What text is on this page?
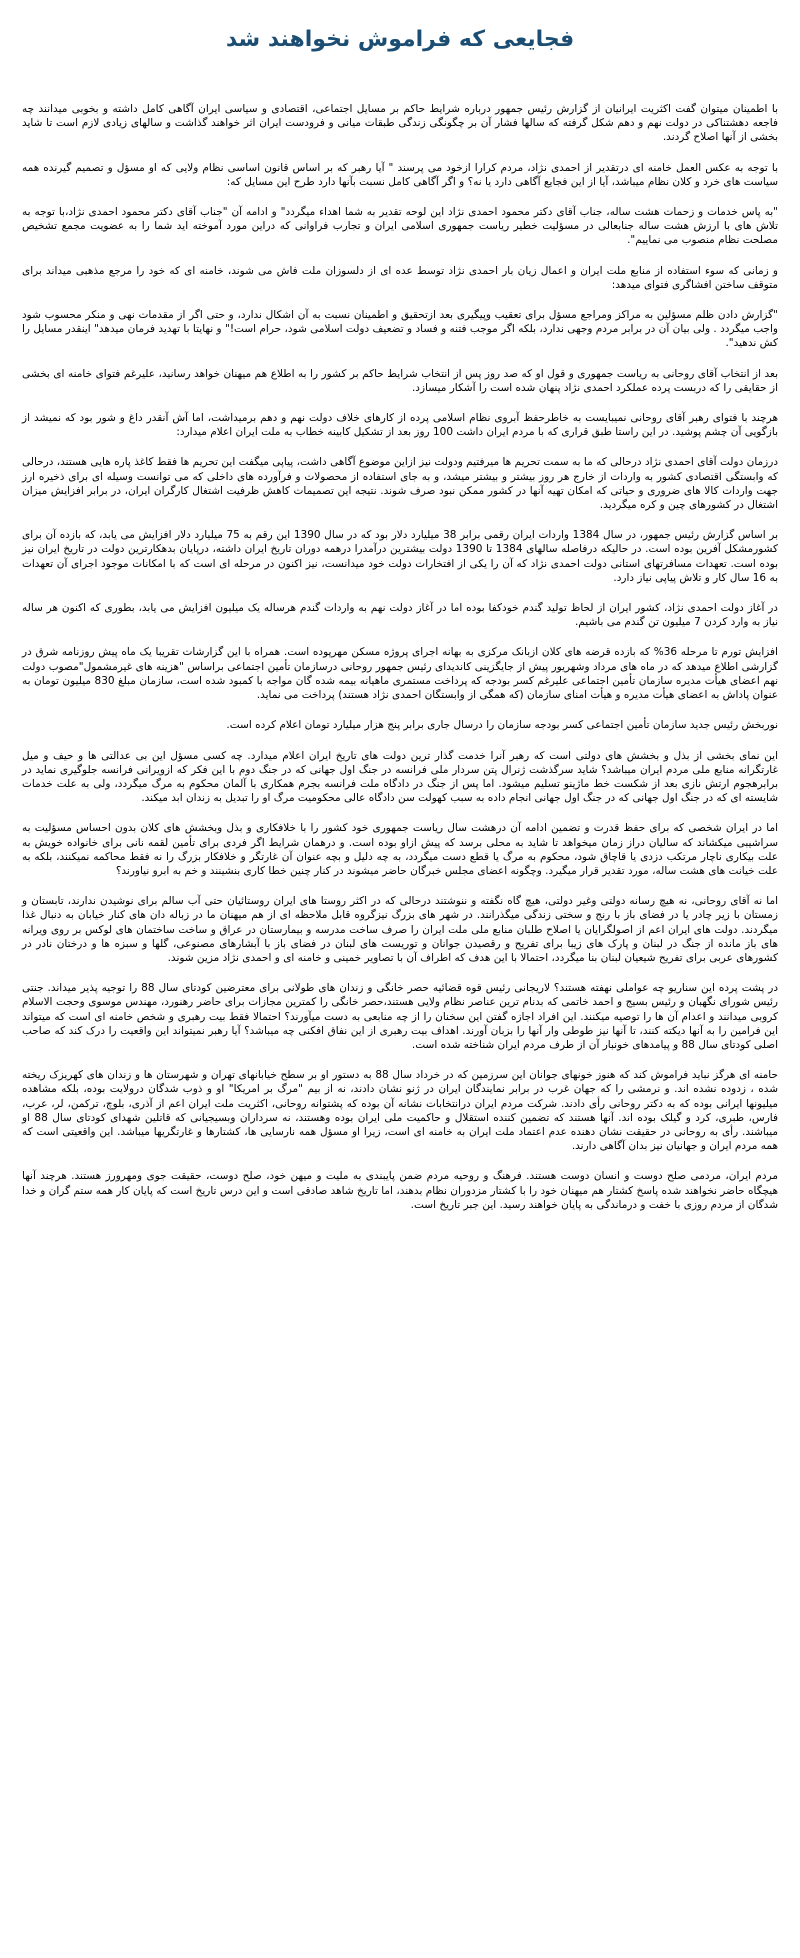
فجایعی که فراموش نخواهند شد

با اطمینان میتوان گفت اکثریت ایرانیان از گزارش رئیس جمهور درباره شرایط حاکم بر مسایل اجتماعی، اقتصادی و سیاسی ایران آگاهی کامل داشته و بخوبی میدانند چه فاجعه دهشتناکی در دولت نهم و دهم شکل گرفته که سالها فشار آن بر چگونگی زندگی طبقات میانی و فرودست ایران اثر خواهند گذاشت و سالهای زیادی لازم است تا شاید بخشی از آنها اصلاح گردند.

با توجه به عکس العمل خامنه ای درتقدیر از احمدی نژاد، مردم کرارا ازخود می پرسند " آیا رهبر که بر اساس قانون اساسی نظام ولایی که او مسؤل و تصمیم گیرنده همه سیاست های خرد و کلان نظام میباشد، آیا از این فجایع آگاهی دارد یا نه؟ و اگر آگاهی کامل نسبت بآنها دارد طرح این مسایل که:

"به پاس خدمات و زحمات هشت ساله، جناب آقای دکتر محمود احمدی نژاد این لوحه تقدیر به شما اهداء میگردد" و ادامه آن "جناب آقای دکتر محمود احمدی نژاد،با توجه به تلاش های با ارزش هشت ساله جنابعالی در مسؤلیت خطیر ریاست جمهوری اسلامی ایران و تجارب فراوانی که دراین مورد آموخته اید شما را به عضویت مجمع تشخیص مصلحت نظام منصوب می نماییم".

و زمانی که سوء استفاده از منابع ملت ایران و اعمال زیان بار احمدی نژاد توسط عده ای از دلسوزان ملت فاش می شوند، خامنه ای که خود را مرجع مذهبی میداند برای متوقف ساختن افشاگری فتوای میدهد:

"گزارش دادن ظلم مسؤلین به مراکز ومراجع مسؤل برای تعقیب وپیگیری بعد ازتحقیق و اطمینان نسبت به آن اشکال ندارد، و حتی اگر از مقدمات نهی و منکر محسوب شود واجب میگردد . ولی بیان آن در برابر مردم وجهی ندارد، بلکه اگر موجب فتنه و فساد و تضعیف دولت اسلامی شود، حرام است!" و نهایتا با تهدید فرمان میدهد" اینقدر مسایل را کش ندهید".

بعد از انتخاب آقای روحانی به ریاست جمهوری و قول او که صد روز پس از انتخاب شرایط حاکم بر کشور را به اطلاع هم میهنان خواهد رسانید، علیرغم فتوای خامنه ای بخشی از حقایقی را که دربست پرده عملکرد احمدی نژاد پنهان شده است را آشکار میسازد.

هرچند با فتوای رهبر آقای روحانی نمیبایست به خاطرحفظ آبروی نظام اسلامی پرده از کارهای خلاف دولت نهم و دهم برمیداشت، اما آش آنقدر داغ و شور بود که نمیشد از بازگویی آن چشم پوشید. در این راستا طبق قراری که با مردم ایران داشت 100 روز بعد از تشکیل کابینه خطاب به ملت ایران اعلام میدارد:

درزمان دولت آقای احمدی نژاد درحالی که ما به سمت تحریم ها میرفتیم ودولت نیز ازاین موضوع آگاهی داشت، پیاپی میگفت این تحریم ها فقط کاغذ پاره هایی هستند، درحالی که وابستگی اقتصادی کشور به واردات از خارج هر روز بیشتر و بیشتر میشد، و به جای استفاده از محصولات و فرآورده های داخلی که می توانست وسیله ای برای ذخیره ارز جهت واردات کالا های ضروری و حیاتی که امکان تهیه آنها در کشور ممکن نبود صرف شوند. نتیجه این تصمیمات کاهش ظرفیت اشتغال کارگران ایران، در برابر افزایش میزان اشتغال در کشورهای چین و کره میگردید.

بر اساس گزارش رئیس جمهور، در سال 1384 واردات ایران رقمی برابر 38 میلیارد دلار بود که در سال 1390 این رقم به 75 میلیارد دلار افزایش می یابد، که بازده آن برای کشورمشکل آفرین بوده است. در حالیکه درفاصله سالهای 1384 تا 1390 دولت بیشترین درآمدرا درهمه دوران تاریخ ایران داشته، درپایان بدهکارترین دولت در تاریخ ایران نیز بوده است. تعهدات مسافرتهای استانی دولت احمدی نژاد که آن را یکی از افتخارات دولت خود میدانست، نیز اکنون در مرحله ای است که با امکانات موجود اجرای آن تعهدات به 16 سال کار و تلاش پیاپی نیاز دارد.

در آغاز دولت احمدی نژاد، کشور ایران از لحاظ تولید گندم خودکفا بوده اما در آغاز دولت نهم به واردات گندم هرساله یک میلیون افزایش می یابد، بطوری که اکنون هر ساله نیاز به وارد کردن 7 میلیون تن گندم می باشیم.

افزایش تورم تا مرحله 36% که بازده قرضه های کلان ازبانک مرکزی به بهانه اجرای پروژه مسکن مهرپوده است. همراه با این گزارشات تقریبا یک ماه پیش روزنامه شرق در گزارشی اطلاع میدهد که در ماه های مرداد وشهریور پیش از جایگزینی کاندیدای رئیس جمهور روحانی درسازمان تأمین اجتماعی براساس "هزینه های غیرمشمول"مصوب دولت نهم اعضای هیأت مدیره سازمان تأمین اجتماعی علیرغم کسر بودجه که پرداخت مستمری ماهیانه بیمه شده گان مواجه با کمبود شده است، سازمان مبلغ 830 میلیون تومان به عنوان پاداش به اعضای هیأت مدیره و هیأت امنای سازمان (که همگی از وابستگان احمدی نژاد هستند) پرداخت می نماید.

نوربخش رئیس جدید سازمان تأمین اجتماعی کسر بودجه سازمان را درسال جاری برابر پنج هزار میلیارد تومان اعلام کرده است.

این نمای بخشی از بذل و بخشش های دولتی است که رهبر آنرا خدمت گذار ترین دولت های تاریخ ایران اعلام میدارد. چه کسی مسؤل این بی عدالتی ها و حیف و میل غارتگرانه منابع ملی مردم ایران میباشد؟ شاید سرگذشت ژنرال پتن سردار ملی فرانسه در جنگ اول جهانی که در جنگ دوم با این فکر که ازویرانی فرانسه جلوگیری نماید در برابرهجوم ارتش نازی بعد از شکست خط ماژینو تسلیم میشود. اما پس از جنگ در دادگاه ملت فرانسه بجرم همکاری با آلمان محکوم به مرگ میگردد، ولی به علت خدمات شایسته ای که در جنگ اول جهانی که در جنگ اول جهانی انجام داده به سبب کهولت سن دادگاه عالی محکومیت مرگ او را تبدیل به زندان ابد میکند.

اما در ایران شخصی که برای حفظ قدرت و تضمین ادامه آن درهشت سال ریاست جمهوری خود کشور را با خلافکاری و بذل وبخشش های کلان بدون احساس مسؤلیت به سراشیبی میکشاند که سالیان دراز زمان میخواهد تا شاید به محلی برسد که پیش ازاو بوده است. و درهمان شرایط اگر فردی برای تأمین لقمه نانی برای خانواده خویش به علت بیکاری ناچار مرتکب دزدی یا قاچاق شود، محکوم به مرگ یا قطع دست میگردد، به چه دلیل و بچه عنوان آن غارتگر و خلافکار بزرگ را نه فقط محاکمه نمیکنند، بلکه به علت خیانت های هشت ساله، مورد تقدیر قرار میگیرد. وچگونه اعضای مجلس خبرگان حاضر میشوند در کنار چنین خطا کاری بنشینند و خم به ابرو نیاورند؟

اما نه آقای روحانی، نه هیچ رسانه دولتی وغیر دولتی، هیچ گاه نگفته و ننوشتند درحالی که در اکثر روستا های ایران روستائیان حتی آب سالم برای نوشیدن ندارند، تابستان و زمستان با زیر چادر یا در فضای باز با رنج و سختی زندگی میگذرانند. در شهر های بزرگ نیزگروه قابل ملاحظه ای از هم میهنان ما در زباله دان های کنار خیابان به دنبال غذا میگردند. دولت های ایران اعم از اصولگرایان یا اصلاح طلبان منابع ملی ملت ایران را صرف ساخت مدرسه و بیمارستان در عراق و ساخت ساختمان های لوکس بر روی ویرانه های باز مانده از جنگ در لبنان و پارک های زیبا برای تفریح و رقصیدن جوانان و توریست های لبنان در فضای باز با آبشارهای مصنوعی، گلها و سبزه ها و درختان نادر در کشورهای عربی برای تفریح شیعیان لبنان بنا میگردد، احتمالا با این هدف که اطراف آن با تصاویر خمینی و خامنه ای و احمدی نژاد مزین شوند.

در پشت پرده این سناریو چه عواملی نهفته هستند؟ لاریجانی رئیس قوه قضائیه حصر خانگی و زندان های طولانی برای معترضین کودتای سال 88 را توجیه پذیر میداند. جنتی رئیس شورای نگهبان و رئیس بسیج و احمد خاتمی که بدنام ترین عناصر نظام ولایی هستند،حصر خانگی را کمترین مجازات برای حاضر رهنورد، مهندس موسوی وحجت الاسلام کروبی میدانند و اعدام آن ها را توصیه میکنند. این افراد اجازه گفتن این سخنان را از چه منابعی به دست میآورند؟ احتمالا فقط بیت رهبری و شخص خامنه ای است که میتواند این فرامین را به آنها دیکته کنند، تا آنها نیز طوطی وار آنها را بزبان آورند. اهداف بیت رهبری از این نفاق افکنی چه میباشد؟ آیا رهبر نمیتواند این واقعیت را درک کند که صاحب اصلی کودتای سال 88 و پیامدهای خونبار آن از طرف مردم ایران شناخته شده است.

حامنه ای هرگز نباید فراموش کند که هنوز خونهای جوانان این سرزمین که در خرداد سال 88 به دستور او بر سطح خیابانهای تهران و شهرستان ها و زندان های کهریزک ریخته شده ، زدوده نشده اند. و نرمشی را که جهان غرب در برابر نمایندگان ایران در ژنو نشان دادند، نه از بیم "مرگ بر امریکا" او و ذوب شدگان درولایت بوده، بلکه مشاهده میلیونها ایرانی بوده که به دکتر روحانی رأی دادند. شرکت مردم ایران درانتخابات نشانه آن بوده که پشتوانه روحانی، اکثریت ملت ایران اعم از آذری، بلوچ، ترکمن، لر، عرب، فارس، طبری، کرد و گیلک بوده اند. آنها هستند که تضمین کننده استقلال و حاکمیت ملی ایران بوده وهستند، نه سرداران وبسیجیانی که قاتلین شهدای کودتای سال 88 او میباشند. رأی به روحانی در حقیقت نشان دهنده عدم اعتماد ملت ایران به خامنه ای است، زیرا او مسؤل همه نارسایی ها، کشتارها و غارتگریها میباشد. این واقعیتی است که همه مردم ایران و جهانیان نیز بدان آگاهی دارند.

مردم ایران، مردمی صلح دوست و انسان دوست هستند. فرهنگ و روحیه مردم ضمن پایبندی به ملیت و میهن خود، صلح دوست، حقیقت جوی ومهرورز هستند. هرچند آنها هیچگاه حاضر نخواهند شده پاسخ کشتار هم میهنان خود را با کشتار مزدوران نظام بدهند، اما تاریخ شاهد صادقی است و این درس تاریخ است که پایان کار همه ستم گران و خدا شدگان از مردم روزی با خفت و درماندگی به پایان خواهند رسید. این جبر تاریخ است.
